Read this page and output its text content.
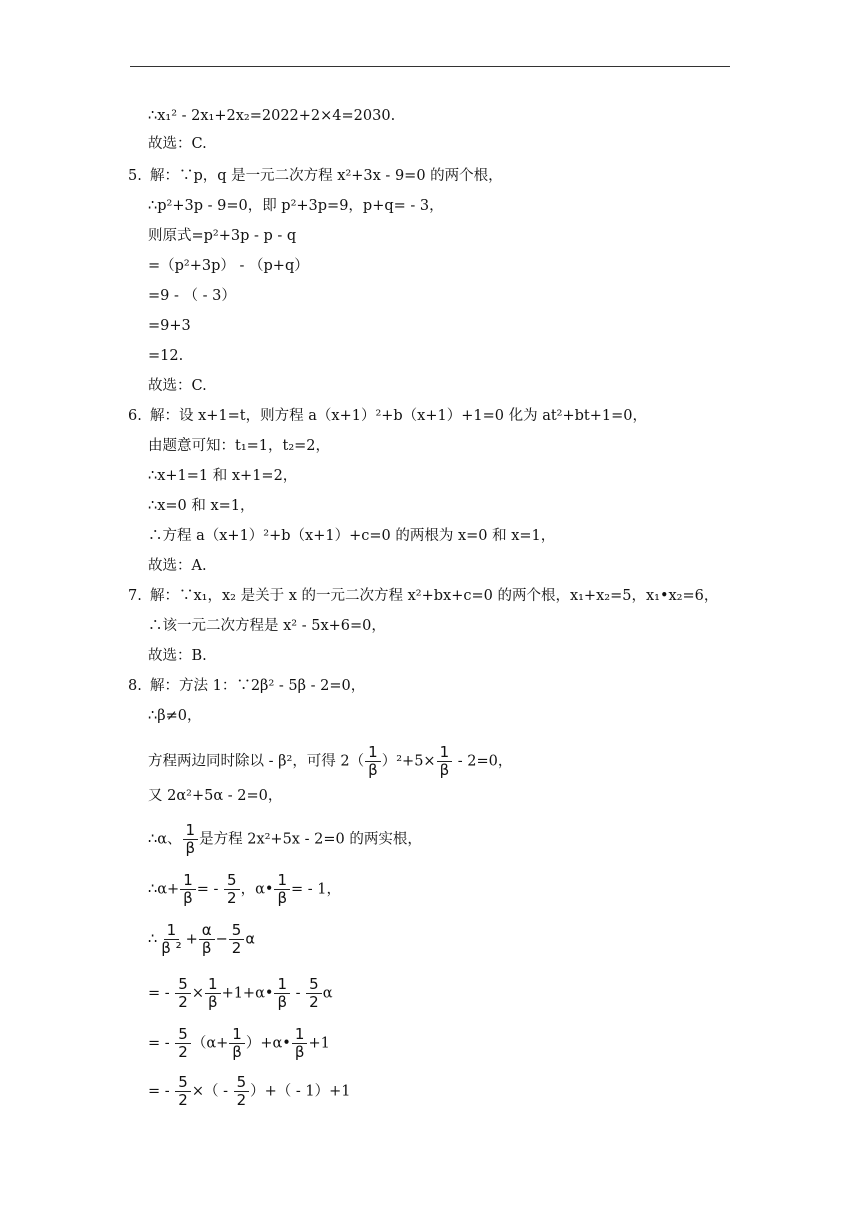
∴x₁² - 2x₁+2x₂=2022+2×4=2030.
故选：C.
5. 解：∵p，q 是一元二次方程 x²+3x - 9=0 的两个根，
∴p²+3p - 9=0，即 p²+3p=9，p+q= - 3，
则原式=p²+3p - p - q
=（p²+3p） - （p+q）
=9 - （ - 3）
=9+3
=12.
故选：C.
6. 解：设 x+1=t，则方程 a（x+1）²+b（x+1）+1=0 化为 at²+bt+1=0，
由题意可知：t₁=1，t₂=2，
∴x+1=1 和 x+1=2，
∴x=0 和 x=1，
∴方程 a（x+1）²+b（x+1）+c=0 的两根为 x=0 和 x=1，
故选：A.
7. 解：∵x₁，x₂ 是关于 x 的一元二次方程 x²+bx+c=0 的两个根，x₁+x₂=5，x₁•x₂=6，
∴该一元二次方程是 x² - 5x+6=0，
故选：B.
8. 解：方法 1：∵2β² - 5β - 2=0，
∴β≠0，
方程两边同时除以 - β²，可得 $2( \frac{1}{\beta} )^2+5\times \frac{1}{\beta} - 2=0$，
又 2α²+5α - 2=0，
∴α、 $\frac{1}{\beta}$ 是方程 2x²+5x - 2=0 的两实根，
∴α+ $\frac{1}{\beta}$ = - $\frac{5}{2}$ ，α• $\frac{1}{\beta}$ = - 1，
∴ $\frac{1}{\text{β ²}} + \frac{\alpha}{\beta} - \frac{5}{2}$ α
= - $\frac{5}{2} \times \frac{1}{\beta}$ +1+α• $\frac{1}{\beta} - \frac{5}{2}$ α
= - $\frac{5}{2} (\alpha+ \frac{1}{\beta}$ ）+α• $\frac{1}{\beta} +1$
= - $\frac{5}{2}$ ×（ - $\frac{5}{2}$ ）+（ - 1）+1
